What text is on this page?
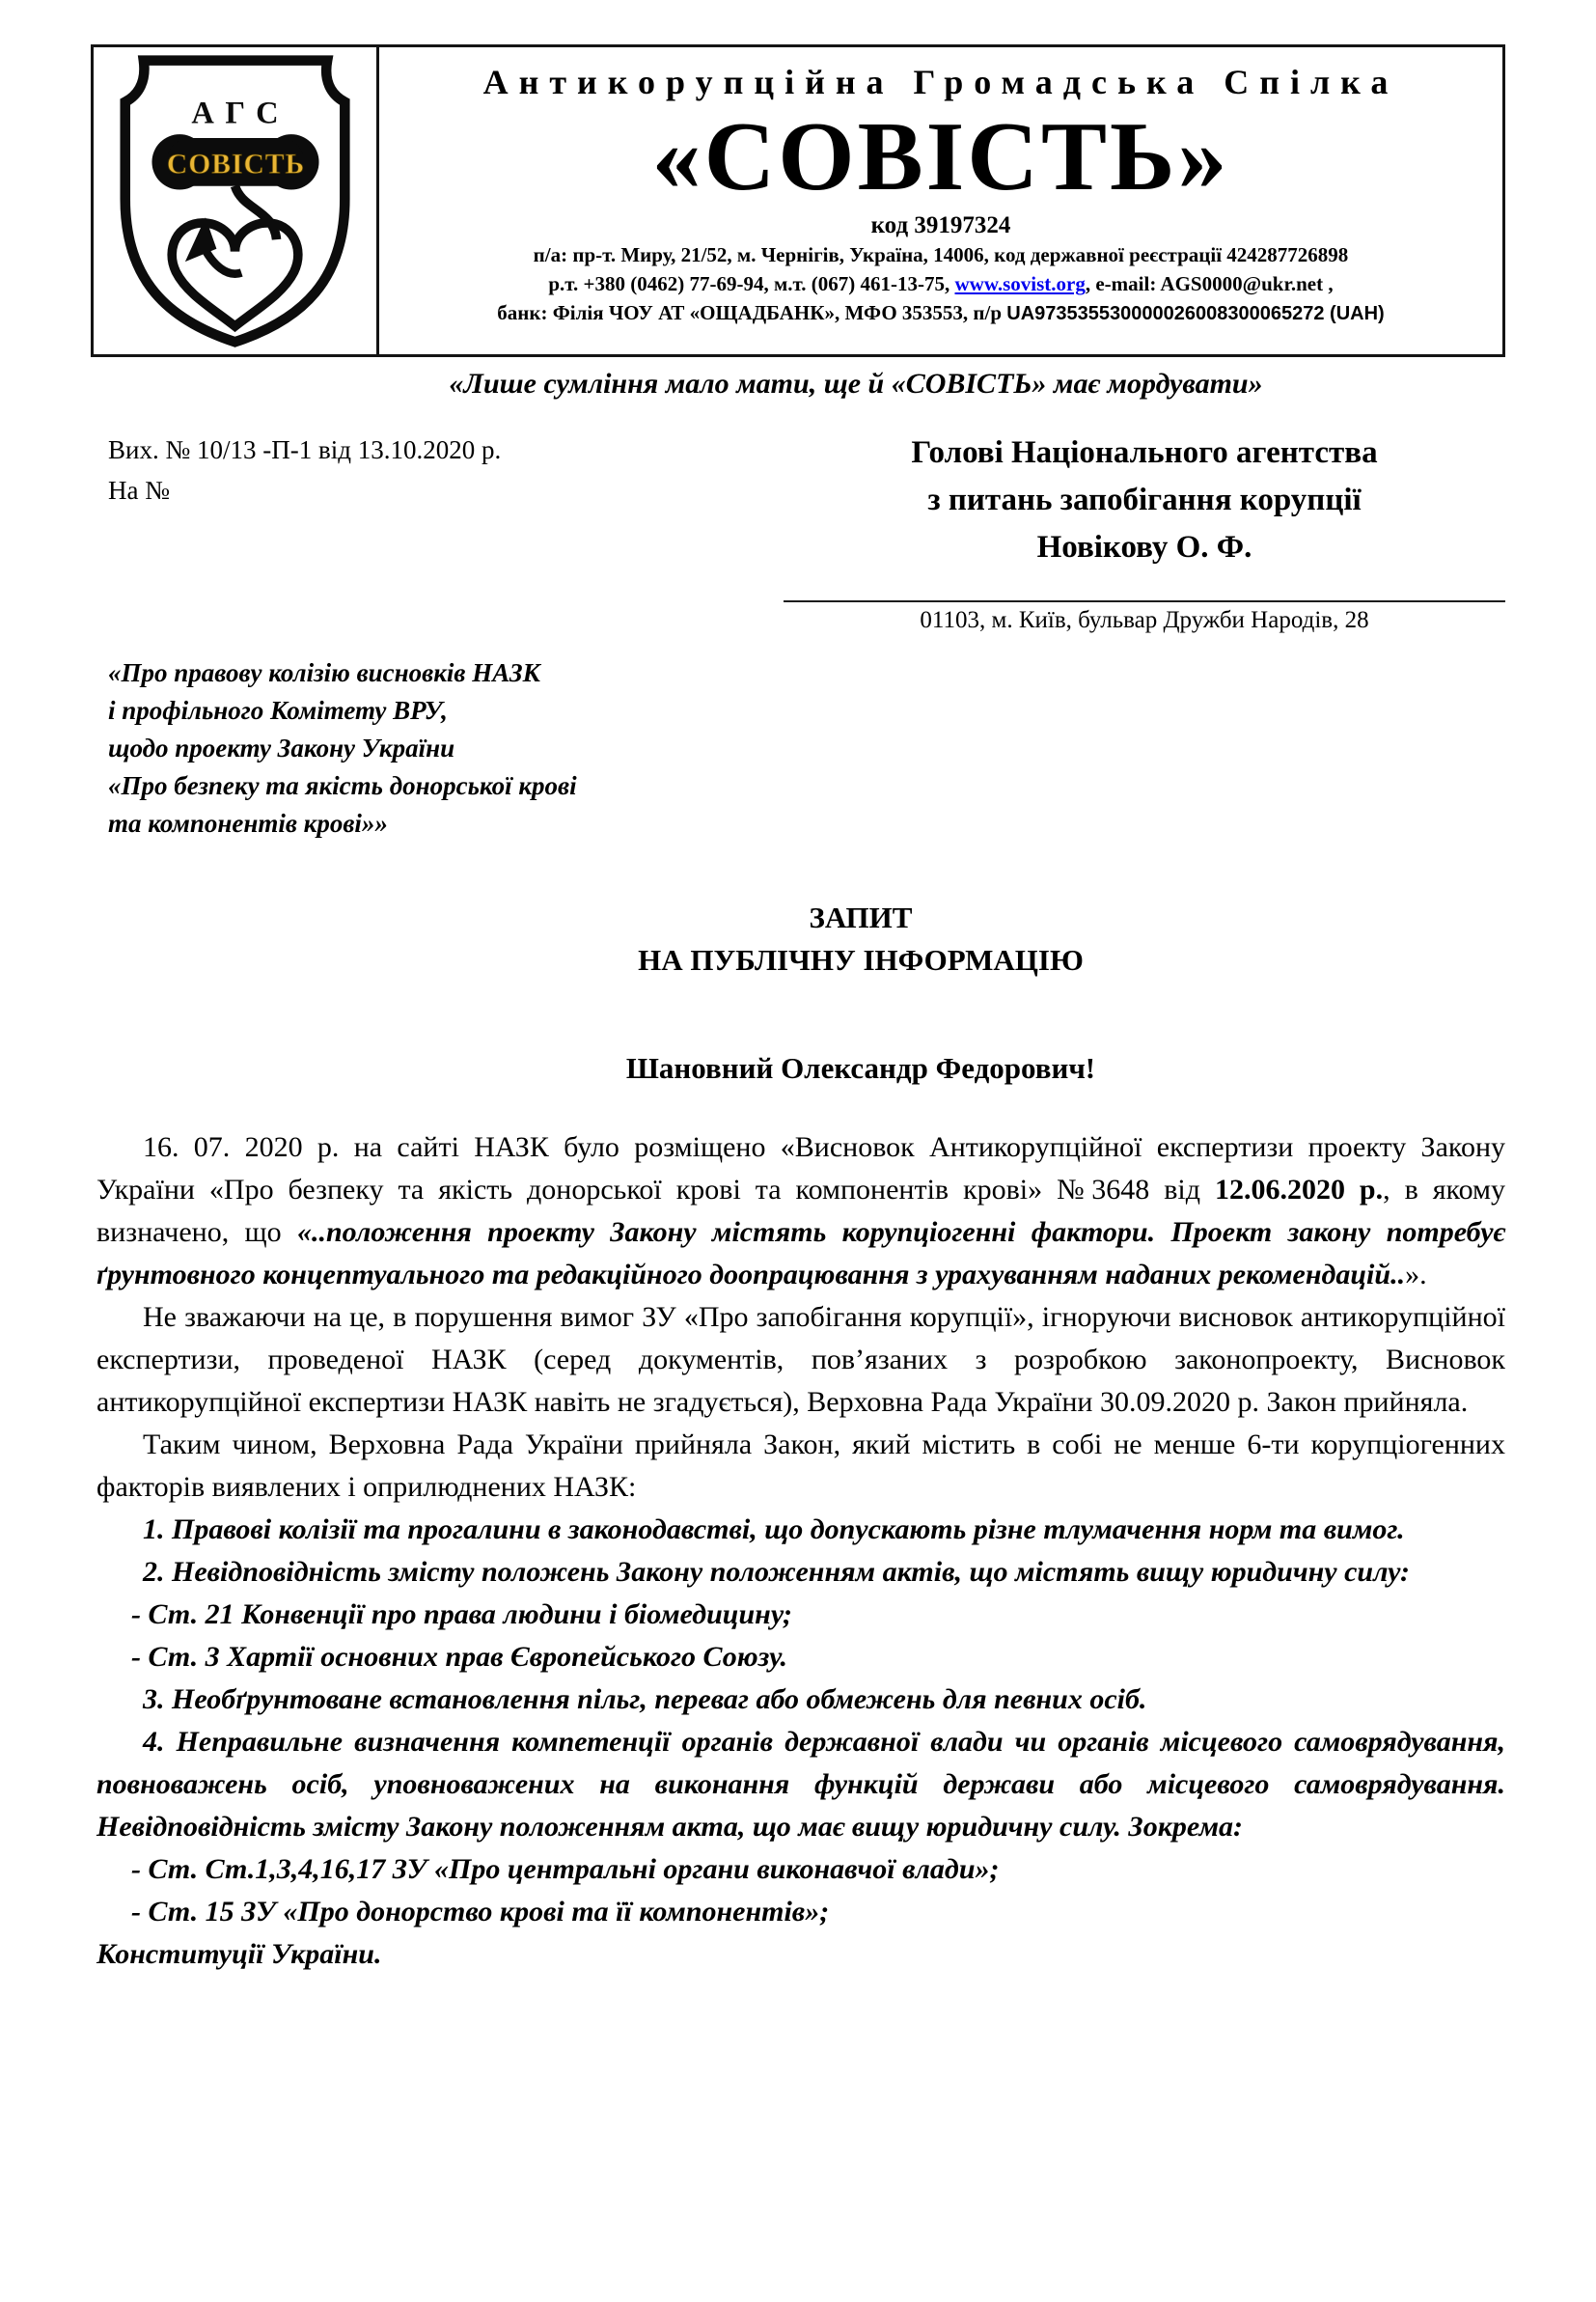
АГС
СОВІСТЬ
Антикорупційна Громадська Спілка
«СОВІСТЬ»
код 39197324
п/а: пр-т. Миру, 21/52, м. Чернігів, Україна, 14006, код державної реєстрації 424287726898
р.т. +380 (0462) 77-69-94, м.т. (067) 461-13-75, www.sovist.org, e-mail: AGS0000@ukr.net ,
банк: Філія ЧОУ АТ «ОЩАДБАНК», МФО 353553, п/р UA973535530000026008300065272 (UAH)
«Лише сумління мало мати, ще й «СОВІСТЬ» має мордувати»
Вих. № 10/13 -П-1 від 13.10.2020 р.
На №
Голові Національного агентства
з питань запобігання корупції
Новікову О. Ф.
01103, м. Київ, бульвар Дружби Народів, 28
«Про правову колізію висновків НАЗК
і профільного Комітету ВРУ,
щодо проекту Закону України
«Про безпеку та якість донорської крові
та компонентів крові»»
ЗАПИТ
НА ПУБЛІЧНУ ІНФОРМАЦІЮ
Шановний Олександр Федорович!

16. 07. 2020 р. на сайті НАЗК було розміщено «Висновок Антикорупційної експертизи проекту Закону України «Про безпеку та якість донорської крові та компонентів крові» №3648 від 12.06.2020 р., в якому визначено, що «..положення проекту Закону містять корупціогенні фактори. Проект закону потребує ґрунтовного концептуального та редакційного доопрацювання з урахуванням наданих рекомендацій..».

Не зважаючи на це, в порушення вимог ЗУ «Про запобігання корупції», ігноруючи висновок антикорупційної експертизи, проведеної НАЗК (серед документів, пов’язаних з розробкою законопроекту, Висновок антикорупційної експертизи НАЗК навіть не згадується), Верховна Рада України 30.09.2020 р. Закон прийняла.

Таким чином, Верховна Рада України прийняла Закон, який містить в собі не менше 6-ти корупціогенних факторів виявлених і оприлюднених НАЗК:

1. Правові колізії та прогалини в законодавстві, що допускають різне тлумачення норм та вимог.

2. Невідповідність змісту положень Закону положенням актів, що містять вищу юридичну силу:

- Ст. 21 Конвенції про права людини і біомедицину;

- Ст. 3 Хартії основних прав Європейського Союзу.

3. Необґрунтоване встановлення пільг, переваг або обмежень для певних осіб.

4. Неправильне визначення компетенції органів державної влади чи органів місцевого самоврядування, повноважень осіб, уповноважених на виконання функцій держави або місцевого самоврядування. Невідповідність змісту Закону положенням акта, що має вищу юридичну силу. Зокрема:

- Ст. Ст.1,3,4,16,17 ЗУ «Про центральні органи виконавчої влади»;

- Ст. 15 ЗУ «Про донорство крові та її компонентів»;

Конституції України.
